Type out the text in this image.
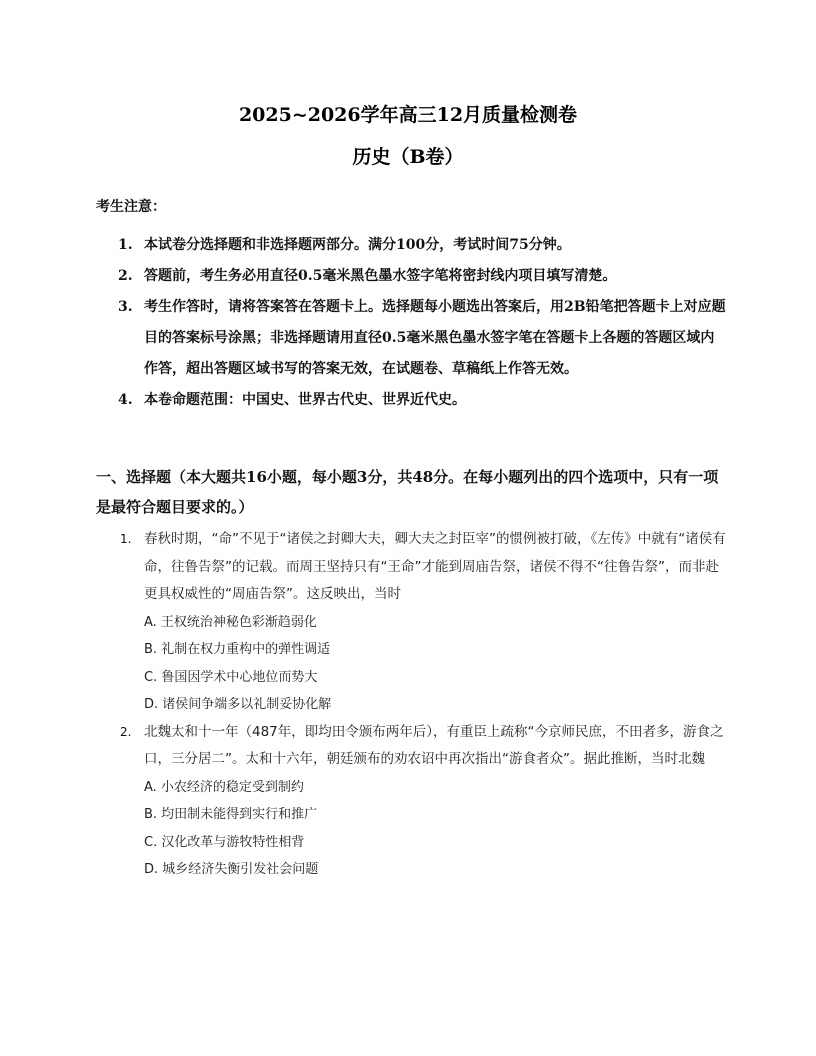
2025~2026学年高三12月质量检测卷
历史（B卷）
考生注意：
1. 本试卷分选择题和非选择题两部分。满分100分，考试时间75分钟。
2. 答题前，考生务必用直径0.5毫米黑色墨水签字笔将密封线内项目填写清楚。
3. 考生作答时，请将答案答在答题卡上。选择题每小题选出答案后，用2B铅笔把答题卡上对应题目的答案标号涂黑；非选择题请用直径0.5毫米黑色墨水签字笔在答题卡上各题的答题区域内作答，超出答题区域书写的答案无效，在试题卷、草稿纸上作答无效。
4. 本卷命题范围：中国史、世界古代史、世界近代史。
一、选择题（本大题共16小题，每小题3分，共48分。在每小题列出的四个选项中，只有一项是最符合题目要求的。）
1. 春秋时期，“命”不见于“诸侯之封卿大夫，卿大夫之封臣宰”的惯例被打破，《左传》中就有“诸侯有命，往鲁告祭”的记载。而周王坚持只有“王命”才能到周庙告祭，诸侯不得不“往鲁告祭”，而非赴更具权威性的“周庙告祭”。这反映出，当时
A. 王权统治神秘色彩渐趋弱化
B. 礼制在权力重构中的弹性调适
C. 鲁国因学术中心地位而势大
D. 诸侯间争端多以礼制妥协化解
2. 北魏太和十一年（487年，即均田令颁布两年后），有重臣上疏称“今京师民庶，不田者多，游食之口，三分居二”。太和十六年，朝廷颁布的劝农诏中再次指出“游食者众”。据此推断，当时北魏
A. 小农经济的稳定受到制约
B. 均田制未能得到实行和推广
C. 汉化改革与游牧特性相背
D. 城乡经济失衡引发社会问题
